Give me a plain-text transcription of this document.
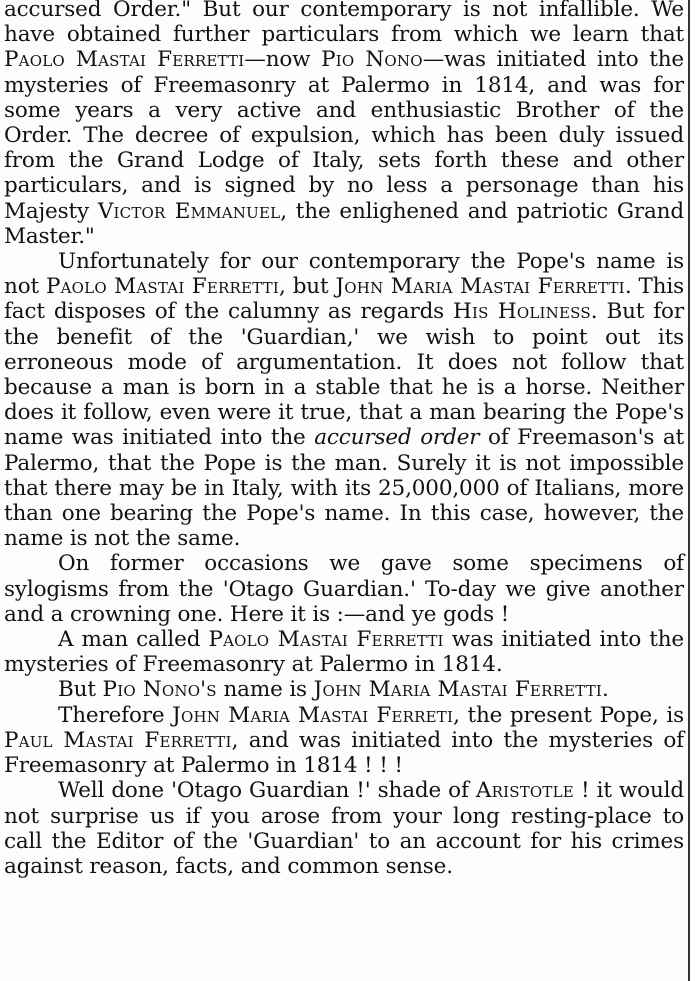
accursed Order." But our contemporary is not infallible. We have obtained further particulars from which we learn that Paolo Mastai Ferretti—now Pio Nono—was initiated into the mysteries of Freemasonry at Palermo in 1814, and was for some years a very active and enthusiastic Brother of the Order. The decree of expulsion, which has been duly issued from the Grand Lodge of Italy, sets forth these and other particulars, and is signed by no less a personage than his Majesty Victor Emmanuel, the enlighened and patriotic Grand Master."

Unfortunately for our contemporary the Pope's name is not Paolo Mastai Ferretti, but John Maria Mastai Ferretti. This fact disposes of the calumny as regards His Holiness. But for the benefit of the 'Guardian,' we wish to point out its erroneous mode of argumentation. It does not follow that because a man is born in a stable that he is a horse. Neither does it follow, even were it true, that a man bearing the Pope's name was initiated into the accursed order of Freemason's at Palermo, that the Pope is the man. Surely it is not impossible that there may be in Italy, with its 25,000,000 of Italians, more than one bearing the Pope's name. In this case, however, the name is not the same.

On former occasions we gave some specimens of sylogisms from the 'Otago Guardian.' To-day we give another and a crowning one. Here it is :—and ye gods !

A man called Paolo Mastai Ferretti was initiated into the mysteries of Freemasonry at Palermo in 1814.

But Pio Nono's name is John Maria Mastai Ferretti.

Therefore John Maria Mastai Ferreti, the present Pope, is Paul Mastai Ferretti, and was initiated into the mysteries of Freemasonry at Palermo in 1814 ! ! !

Well done 'Otago Guardian !' shade of Aristotle ! it would not surprise us if you arose from your long resting-place to call the Editor of the 'Guardian' to an account for his crimes against reason, facts, and common sense.
